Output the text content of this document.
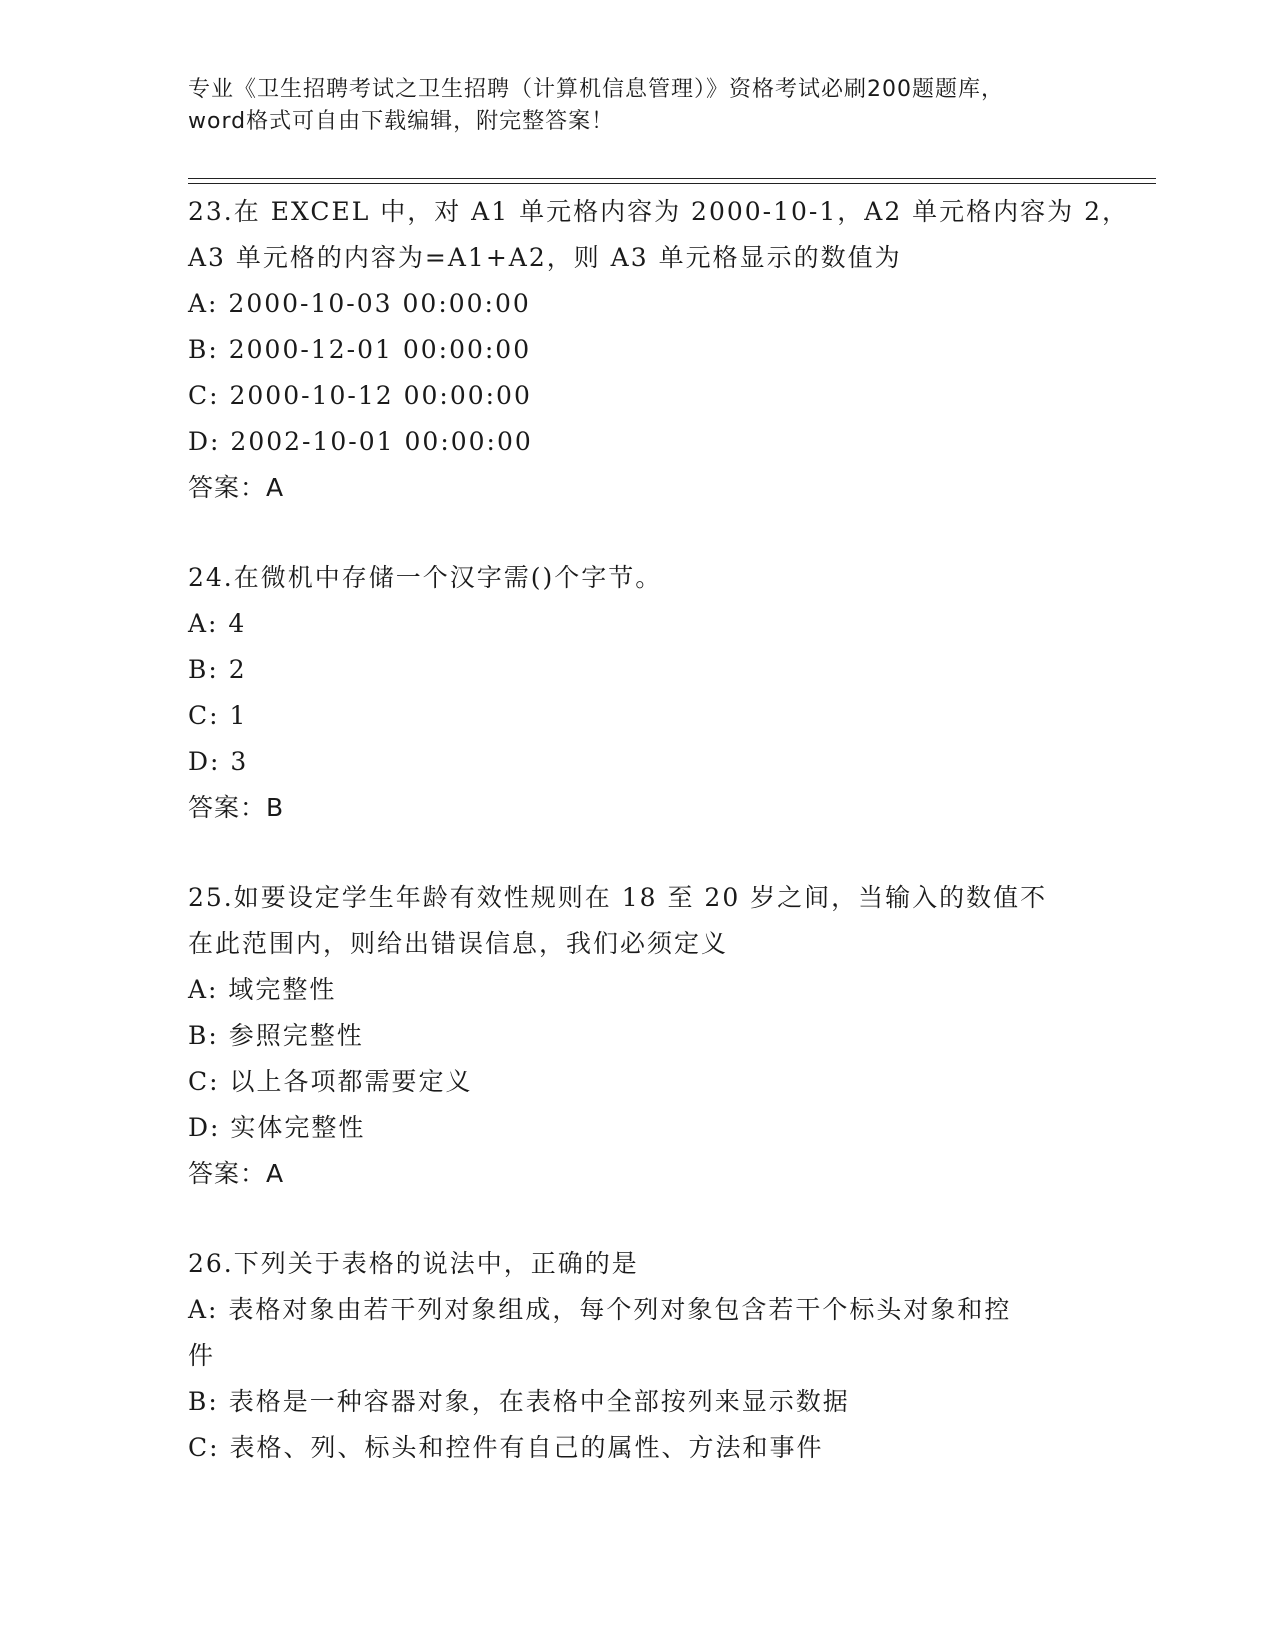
专业《卫生招聘考试之卫生招聘（计算机信息管理）》资格考试必刷200题题库，
word格式可自由下载编辑，附完整答案！
23.在 EXCEL 中，对 A1 单元格内容为 2000-10-1，A2 单元格内容为 2，
A3 单元格的内容为=A1+A2，则 A3 单元格显示的数值为
A: 2000-10-03 00:00:00
B: 2000-12-01 00:00:00
C: 2000-10-12 00:00:00
D: 2002-10-01 00:00:00
答案：A
24.在微机中存储一个汉字需()个字节。
A: 4
B: 2
C: 1
D: 3
答案：B
25.如要设定学生年龄有效性规则在 18 至 20 岁之间，当输入的数值不
在此范围内，则给出错误信息，我们必须定义
A: 域完整性
B: 参照完整性
C: 以上各项都需要定义
D: 实体完整性
答案：A
26.下列关于表格的说法中，正确的是
A: 表格对象由若干列对象组成，每个列对象包含若干个标头对象和控
件
B: 表格是一种容器对象，在表格中全部按列来显示数据
C: 表格、列、标头和控件有自己的属性、方法和事件
